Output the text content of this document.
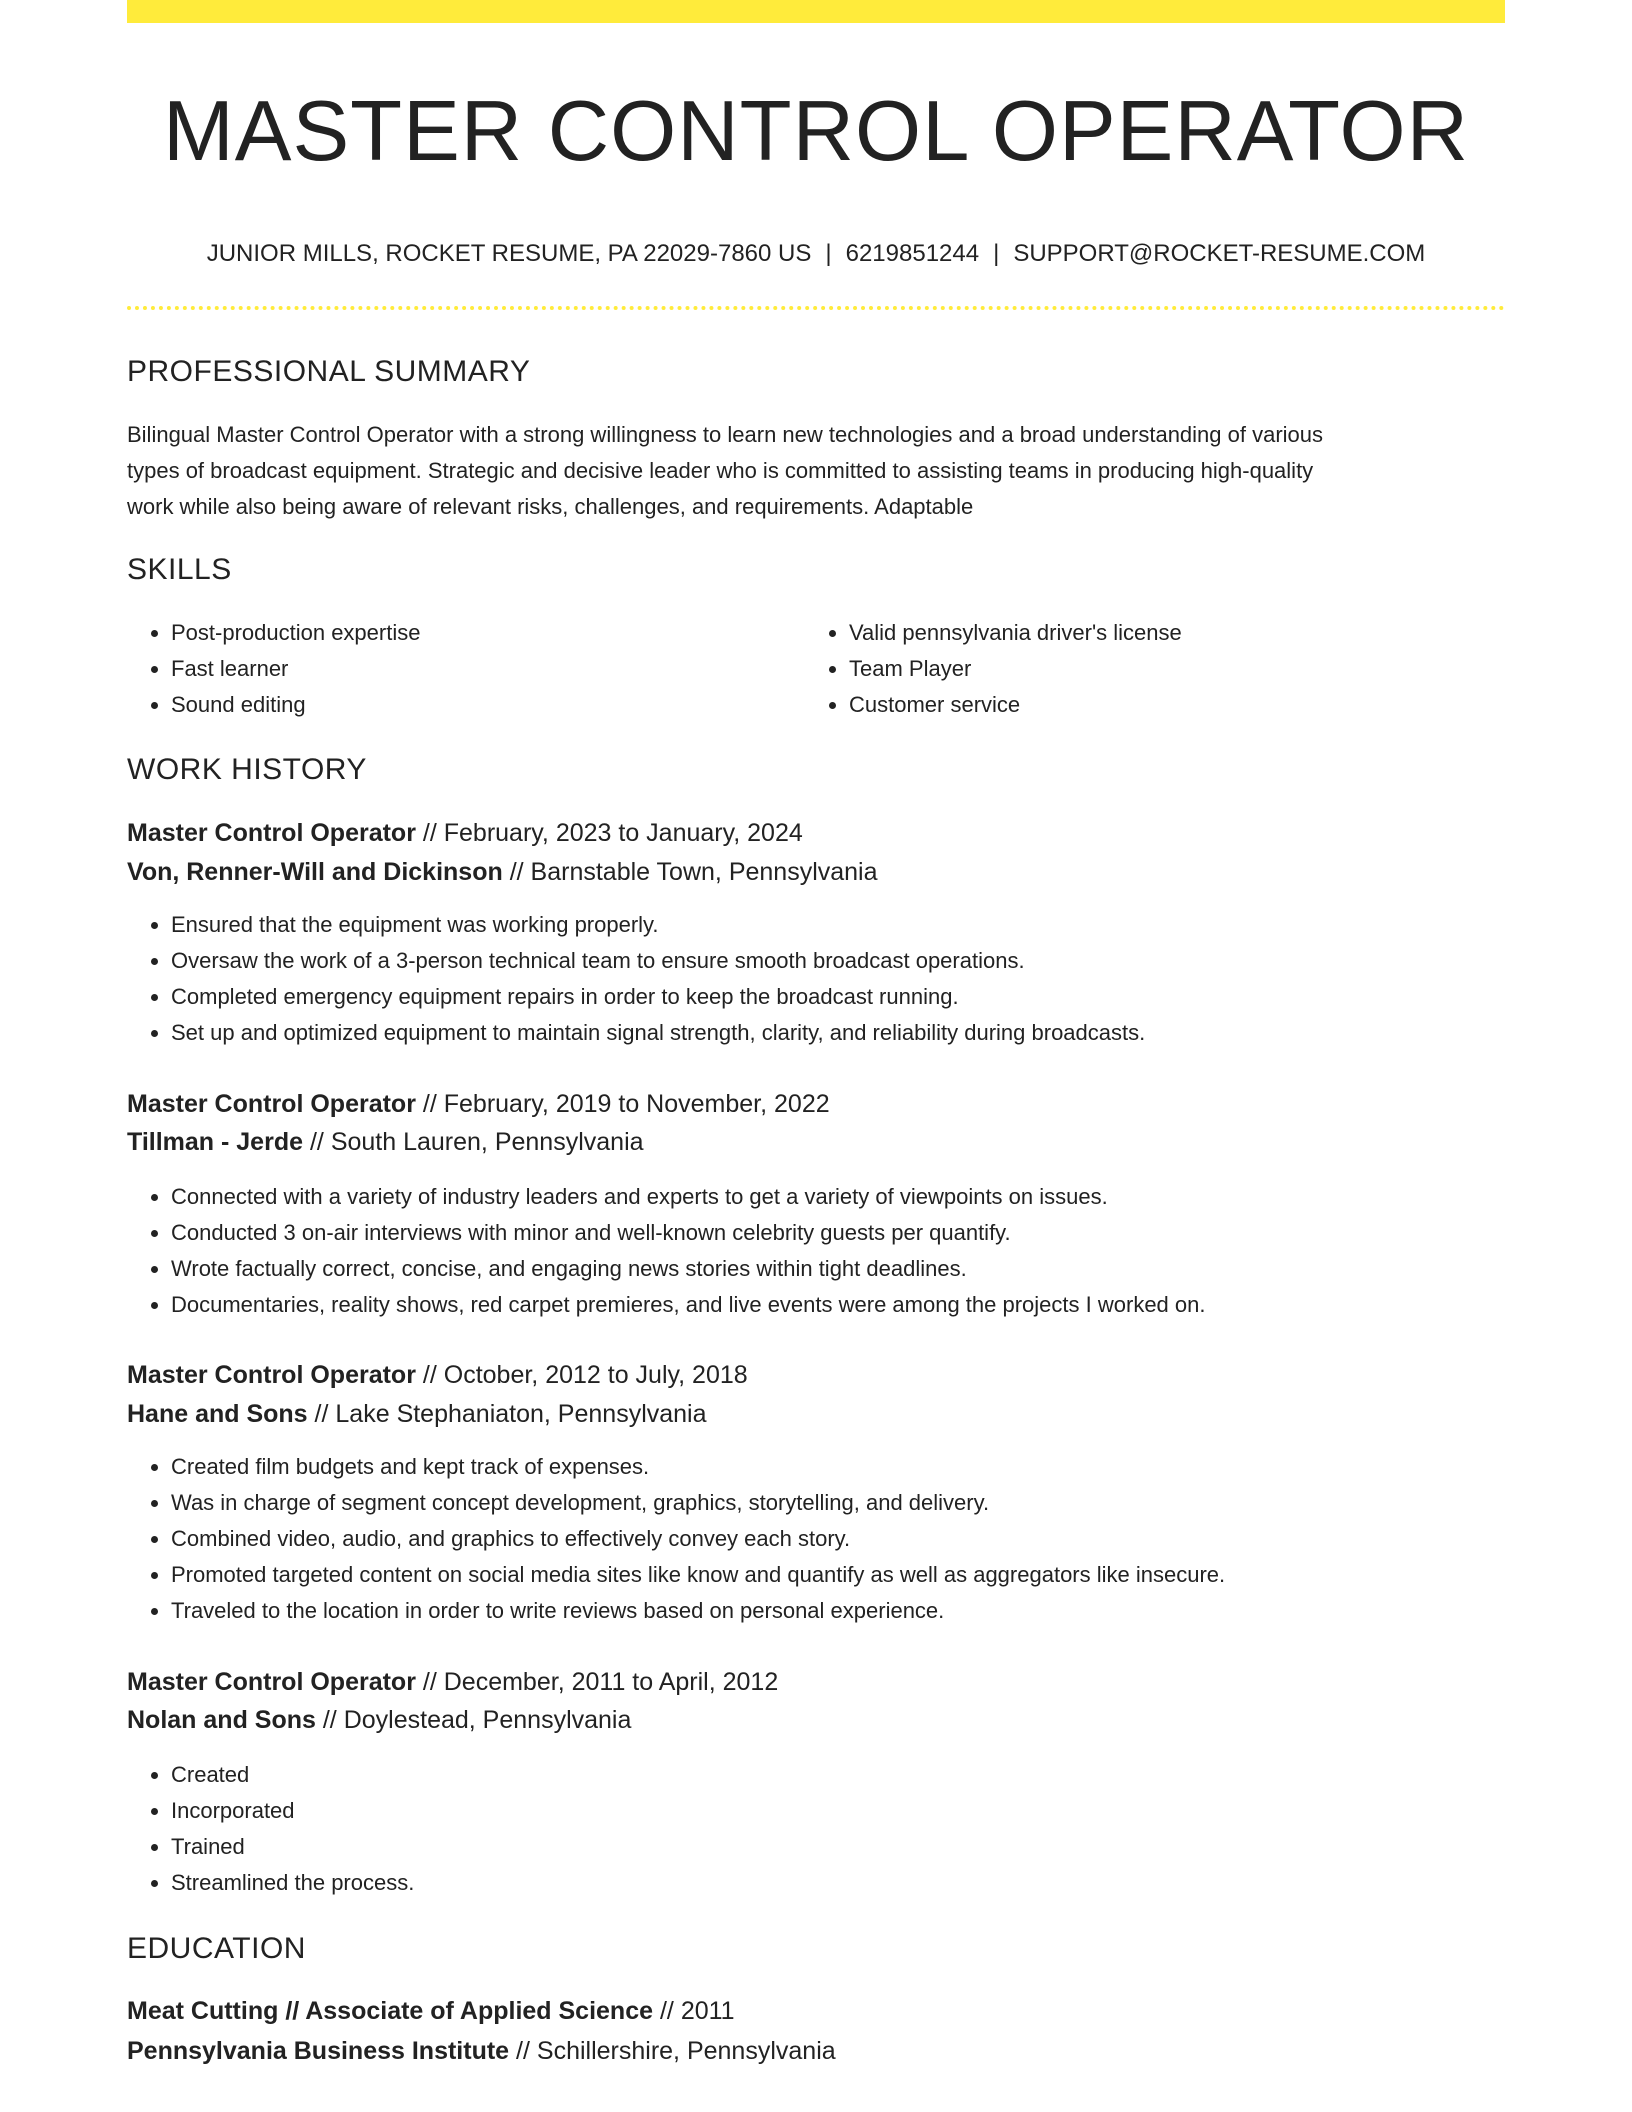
MASTER CONTROL OPERATOR
JUNIOR MILLS, ROCKET RESUME, PA 22029-7860 US | 6219851244 | SUPPORT@ROCKET-RESUME.COM
PROFESSIONAL SUMMARY
Bilingual Master Control Operator with a strong willingness to learn new technologies and a broad understanding of various
types of broadcast equipment. Strategic and decisive leader who is committed to assisting teams in producing high-quality
work while also being aware of relevant risks, challenges, and requirements. Adaptable
SKILLS
• Post-production expertise
• Fast learner
• Sound editing
• Valid pennsylvania driver's license
• Team Player
• Customer service
WORK HISTORY
Master Control Operator // February, 2023 to January, 2024
Von, Renner-Will and Dickinson // Barnstable Town, Pennsylvania
• Ensured that the equipment was working properly.
• Oversaw the work of a 3-person technical team to ensure smooth broadcast operations.
• Completed emergency equipment repairs in order to keep the broadcast running.
• Set up and optimized equipment to maintain signal strength, clarity, and reliability during broadcasts.
Master Control Operator // February, 2019 to November, 2022
Tillman - Jerde // South Lauren, Pennsylvania
• Connected with a variety of industry leaders and experts to get a variety of viewpoints on issues.
• Conducted 3 on-air interviews with minor and well-known celebrity guests per quantify.
• Wrote factually correct, concise, and engaging news stories within tight deadlines.
• Documentaries, reality shows, red carpet premieres, and live events were among the projects I worked on.
Master Control Operator // October, 2012 to July, 2018
Hane and Sons // Lake Stephaniaton, Pennsylvania
• Created film budgets and kept track of expenses.
• Was in charge of segment concept development, graphics, storytelling, and delivery.
• Combined video, audio, and graphics to effectively convey each story.
• Promoted targeted content on social media sites like know and quantify as well as aggregators like insecure.
• Traveled to the location in order to write reviews based on personal experience.
Master Control Operator // December, 2011 to April, 2012
Nolan and Sons // Doylestead, Pennsylvania
• Created
• Incorporated
• Trained
• Streamlined the process.
EDUCATION
Meat Cutting // Associate of Applied Science // 2011
Pennsylvania Business Institute // Schillershire, Pennsylvania
